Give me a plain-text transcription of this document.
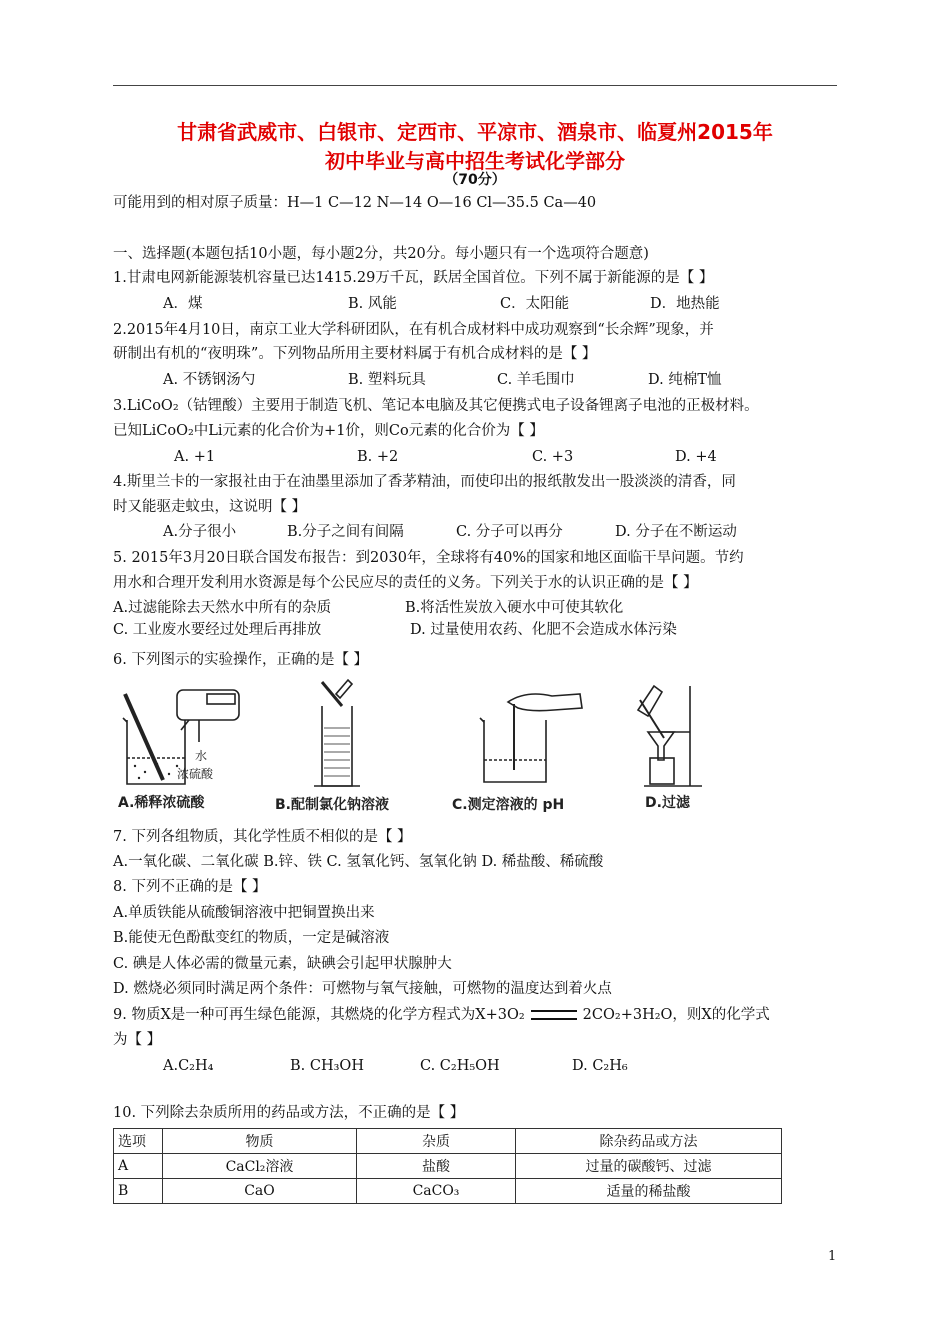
甘肃省武威市、白银市、定西市、平凉市、酒泉市、临夏州2015年
初中毕业与高中招生考试化学部分
（70分）
可能用到的相对原子质量：H—1 C—12 N—14 O—16 Cl—35.5 Ca—40
一、选择题(本题包括10小题，每小题2分，共20分。每小题只有一个选项符合题意)
1.甘肃电网新能源装机容量已达1415.29万千瓦，跃居全国首位。下列不属于新能源的是【 】
A．煤	B. 风能	C．太阳能	D．地热能
2.2015年4月10日，南京工业大学科研团队，在有机合成材料中成功观察到“长余辉”现象，并
研制出有机的“夜明珠”。下列物品所用主要材料属于有机合成材料的是【 】
A. 不锈钢汤勺	B. 塑料玩具	C. 羊毛围巾	D. 纯棉T恤
3.LiCoO₂（钴锂酸）主要用于制造飞机、笔记本电脑及其它便携式电子设备锂离子电池的正极材料。
已知LiCoO₂中Li元素的化合价为+1价，则Co元素的化合价为【 】
A. +1	B. +2	C. +3	D. +4
4.斯里兰卡的一家报社由于在油墨里添加了香茅精油，而使印出的报纸散发出一股淡淡的清香，同
时又能驱走蚊虫，这说明【 】
A.分子很小	B.分子之间有间隔	C. 分子可以再分	D. 分子在不断运动
5. 2015年3月20日联合国发布报告：到2030年，全球将有40%的国家和地区面临干旱问题。节约
用水和合理开发利用水资源是每个公民应尽的责任的义务。下列关于水的认识正确的是【 】
A.过滤能除去天然水中所有的杂质	B.将活性炭放入硬水中可使其软化
C. 工业废水要经过处理后再排放	D. 过量使用农药、化肥不会造成水体污染
6. 下列图示的实验操作，正确的是【 】
水
浓硫酸
A.稀释浓硫酸	B.配制氯化钠溶液	C.测定溶液的 pH	D.过滤
7. 下列各组物质，其化学性质不相似的是【 】
A.一氧化碳、二氧化碳 B.锌、铁 C. 氢氧化钙、氢氧化钠 D. 稀盐酸、稀硫酸
8. 下列不正确的是【 】
A.单质铁能从硫酸铜溶液中把铜置换出来
B.能使无色酚酞变红的物质，一定是碱溶液
C. 碘是人体必需的微量元素，缺碘会引起甲状腺肿大
D. 燃烧必须同时满足两个条件：可燃物与氧气接触，可燃物的温度达到着火点
9. 物质X是一种可再生绿色能源，其燃烧的化学方程式为X+3O₂	2CO₂+3H₂O，则X的化学式
为【 】
A.C₂H₄	B. CH₃OH	C. C₂H₅OH	D. C₂H₆
10. 下列除去杂质所用的药品或方法，不正确的是【 】
选项	物质	杂质	除杂药品或方法
A	CaCl₂溶液	盐酸	过量的碳酸钙、过滤
B	CaO	CaCO₃	适量的稀盐酸
1
